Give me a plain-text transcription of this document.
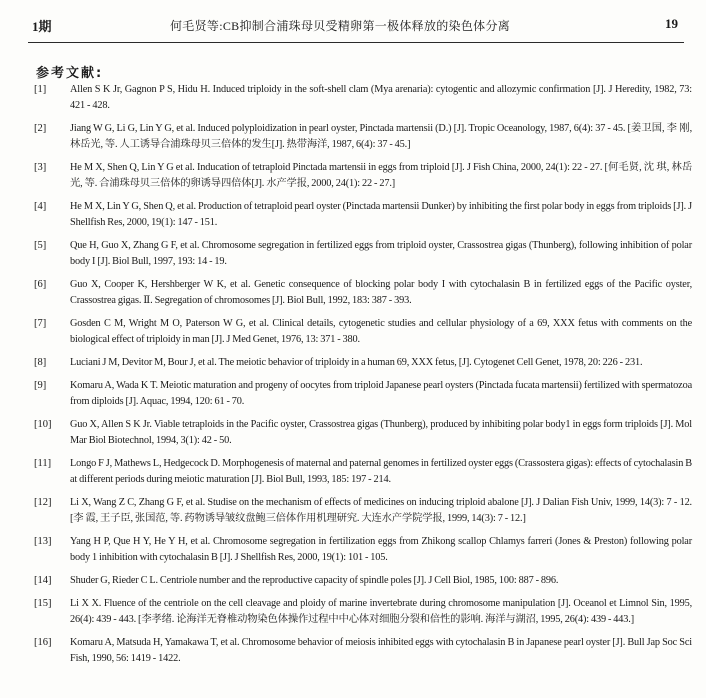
1期	何毛贤等:CB抑制合浦珠母贝受精卵第一极体释放的染色体分离	19
参考文献:
[1]	Allen S K Jr, Gagnon P S, Hidu H. Induced triploidy in the soft-shell clam (Mya arenaria): cytogentic and allozymic confirmation [J]. J Heredity, 1982, 73: 421 - 428.
[2]	Jiang W G, Li G, Lin Y G, et al. Induced polyploidization in pearl oyster, Pinctada martensii (D.) [J]. Tropic Oceanology, 1987, 6(4): 37 - 45. [姜卫国, 李 刚, 林岳光, 等. 人工诱导合浦珠母贝三倍体的发生[J]. 热带海洋, 1987, 6(4): 37 - 45.]
[3]	He M X, Shen Q, Lin Y G et al. Inducation of tetraploid Pinctada martensii in eggs from triploid [J]. J Fish China, 2000, 24(1): 22 - 27. [何毛贤, 沈 琪, 林岳光, 等. 合浦珠母贝三倍体的卵诱导四倍体[J]. 水产学报, 2000, 24(1): 22 - 27.]
[4]	He M X, Lin Y G, Shen Q, et al. Production of tetraploid pearl oyster (Pinctada martensii Dunker) by inhibiting the first polar body in eggs from triploids [J]. J Shellfish Res, 2000, 19(1): 147 - 151.
[5]	Que H, Guo X, Zhang G F, et al. Chromosome segregation in fertilized eggs from triploid oyster, Crassostrea gigas (Thunberg), following inhibition of polar body I [J]. Biol Bull, 1997, 193: 14 - 19.
[6]	Guo X, Cooper K, Hershberger W K, et al. Genetic consequence of blocking polar body I with cytochalasin B in fertilized eggs of the Pacific oyster, Crassostrea gigas. Ⅱ. Segregation of chromosomes [J]. Biol Bull, 1992, 183: 387 - 393.
[7]	Gosden C M, Wright M O, Paterson W G, et al. Clinical details, cytogenetic studies and cellular physiology of a 69, XXX fetus with comments on the biological effect of triploidy in man [J]. J Med Genet, 1976, 13: 371 - 380.
[8]	Luciani J M, Devitor M, Bour J, et al. The meiotic behavior of triploidy in a human 69, XXX fetus, [J]. Cytogenet Cell Genet, 1978, 20: 226 - 231.
[9]	Komaru A, Wada K T. Meiotic maturation and progeny of oocytes from triploid Japanese pearl oysters (Pinctada fucata martensii) fertilized with spermatozoa from diploids [J]. Aquac, 1994, 120: 61 - 70.
[10]	Guo X, Allen S K Jr. Viable tetraploids in the Pacific oyster, Crassostrea gigas (Thunberg), produced by inhibiting polar body1 in eggs form triploids [J]. Mol Mar Biol Biotechnol, 1994, 3(1): 42 - 50.
[11]	Longo F J, Mathews L, Hedgecock D. Morphogenesis of maternal and paternal genomes in fertilized oyster eggs (Crassostera gigas): effects of cytochalasin B at different periods during meiotic maturation [J]. Biol Bull, 1993, 185: 197 - 214.
[12]	Li X, Wang Z C, Zhang G F, et al. Studise on the mechanism of effects of medicines on inducing triploid abalone [J]. J Dalian Fish Univ, 1999, 14(3): 7 - 12. [李 霞, 王子臣, 张国范, 等. 药物诱导皱纹盘鲍三倍体作用机理研究. 大连水产学院学报, 1999, 14(3): 7 - 12.]
[13]	Yang H P, Que H Y, He Y H, et al. Chromosome segregation in fertilization eggs from Zhikong scallop Chlamys farreri (Jones & Preston) following polar body 1 inhibition with cytochalasin B [J]. J Shellfish Res, 2000, 19(1): 101 - 105.
[14]	Shuder G, Rieder C L. Centriole number and the reproductive capacity of spindle poles [J]. J Cell Biol, 1985, 100: 887 - 896.
[15]	Li X X. Fluence of the centriole on the cell cleavage and ploidy of marine invertebrate during chromosome manipulation [J]. Oceanol et Limnol Sin, 1995, 26(4): 439 - 443. [李孝绪. 论海洋无脊椎动物染色体操作过程中中心体对细胞分裂和倍性的影响. 海洋与湖沼, 1995, 26(4): 439 - 443.]
[16]	Komaru A, Matsuda H, Yamakawa T, et al. Chromosome behavior of meiosis inhibited eggs with cytochalasin B in Japanese pearl oyster [J]. Bull Jap Soc Sci Fish, 1990, 56: 1419 - 1422.
